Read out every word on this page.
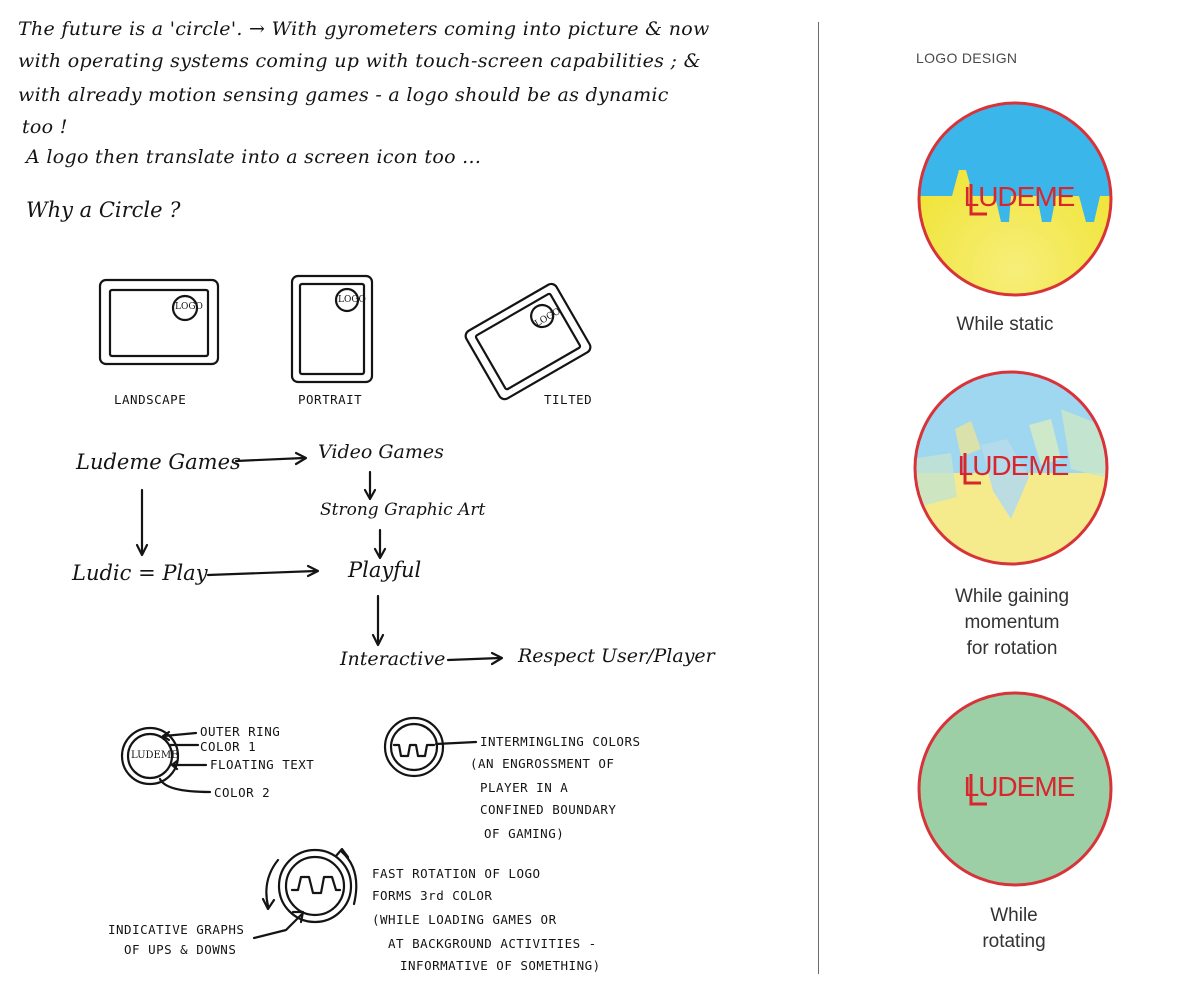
The future is a 'circle'. → With gyrometers coming into picture & now
with operating systems coming up with touch-screen capabilities ; &
with already motion sensing games - a logo should be as dynamic
too !
A logo then translate into a screen icon too ...
Why a Circle ?
LOGO
LOGO
LOGO
LUDEME
LANDSCAPE	PORTRAIT	TILTED
Ludeme Games	Video Games
Strong Graphic Art
Ludic = Play	Playful
Interactive	Respect User/Player
OUTER RING
COLOR 1
FLOATING TEXT
COLOR 2
INTERMINGLING COLORS
(AN ENGROSSMENT OF
PLAYER IN A
CONFINED BOUNDARY
OF GAMING)
FAST ROTATION OF LOGO
FORMS 3rd COLOR
(WHILE LOADING GAMES OR
AT BACKGROUND ACTIVITIES -
INFORMATIVE OF SOMETHING)
INDICATIVE GRAPHS
OF UPS & DOWNS
LOGO DESIGN
LUDEME
While static
LUDEME
While gaining
momentum
for rotation
LUDEME
While
rotating
